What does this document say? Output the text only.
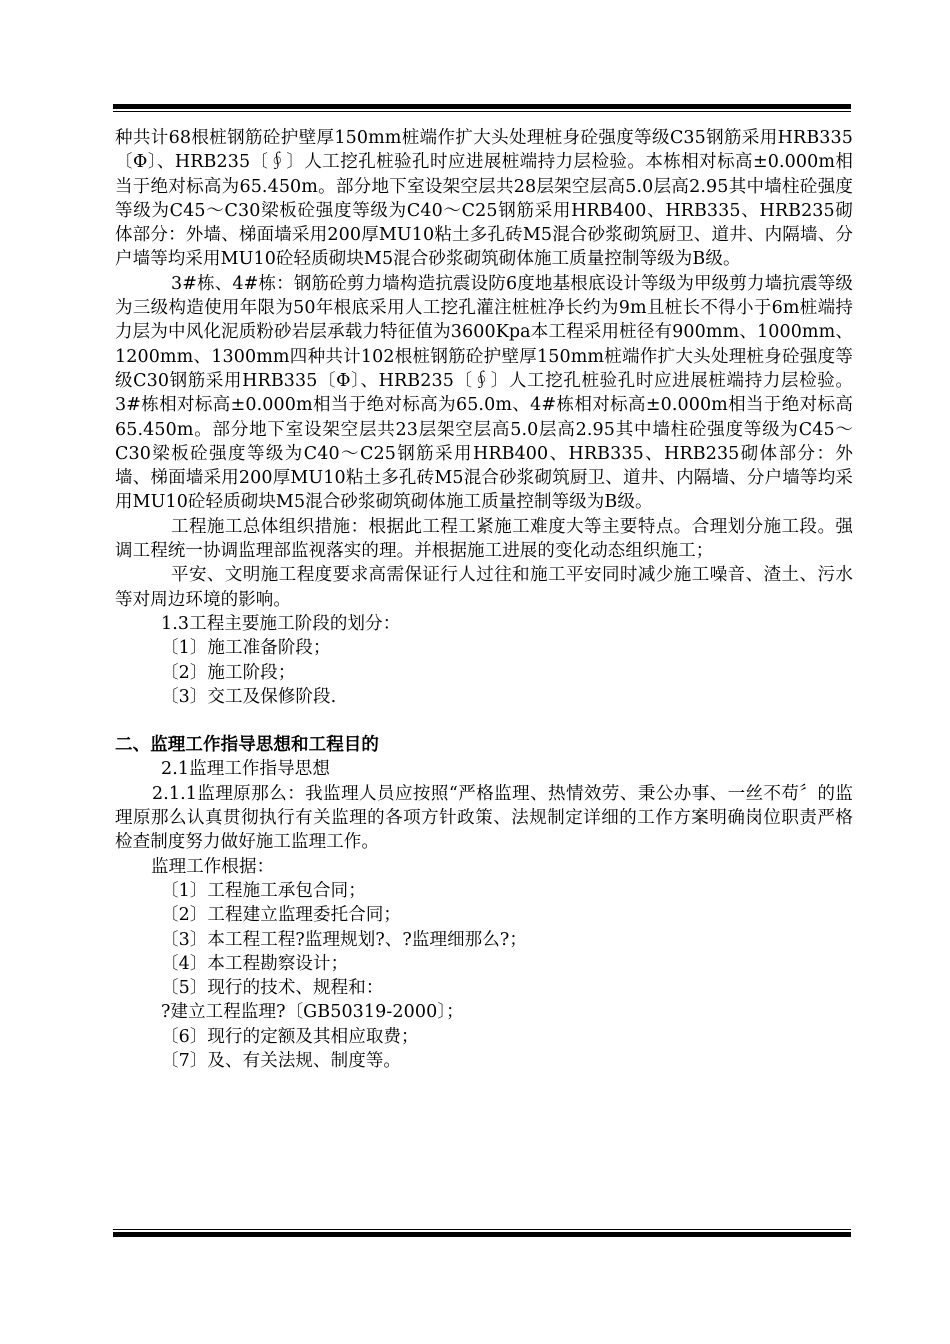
种共计68根桩钢筋砼护壁厚150mm桩端作扩大头处理桩身砼强度等级C35钢筋采用HRB335〔Φ〕、HRB235〔∮〕人工挖孔桩验孔时应进展桩端持力层检验。本栋相对标高±0.000m相当于绝对标高为65.450m。部分地下室设架空层共28层架空层高5.0层高2.95其中墙柱砼强度等级为C45～C30梁板砼强度等级为C40～C25钢筋采用HRB400、HRB335、HRB235砌体部分：外墙、梯面墙采用200厚MU10粘土多孔砖M5混合砂浆砌筑厨卫、道井、内隔墙、分户墙等均采用MU10砼轻质砌块M5混合砂浆砌筑砌体施工质量控制等级为B级。

3#栋、4#栋：钢筋砼剪力墙构造抗震设防6度地基根底设计等级为甲级剪力墙抗震等级为三级构造使用年限为50年根底采用人工挖孔灌注桩桩净长约为9m且桩长不得小于6m桩端持力层为中风化泥质粉砂岩层承载力特征值为3600Kpa本工程采用桩径有900mm、1000mm、1200mm、1300mm四种共计102根桩钢筋砼护壁厚150mm桩端作扩大头处理桩身砼强度等级C30钢筋采用HRB335〔Φ〕、HRB235〔∮〕人工挖孔桩验孔时应进展桩端持力层检验。3#栋相对标高±0.000m相当于绝对标高为65.0m、4#栋相对标高±0.000m相当于绝对标高65.450m。部分地下室设架空层共23层架空层高5.0层高2.95其中墙柱砼强度等级为C45～C30梁板砼强度等级为C40～C25钢筋采用HRB400、HRB335、HRB235砌体部分：外墙、梯面墙采用200厚MU10粘土多孔砖M5混合砂浆砌筑厨卫、道井、内隔墙、分户墙等均采用MU10砼轻质砌块M5混合砂浆砌筑砌体施工质量控制等级为B级。

工程施工总体组织措施：根据此工程工紧施工难度大等主要特点。合理划分施工段。强调工程统一协调监理部监视落实的理。并根据施工进展的变化动态组织施工；

平安、文明施工程度要求高需保证行人过往和施工平安同时减少施工噪音、渣土、污水等对周边环境的影响。

1.3工程主要施工阶段的划分：

〔1〕施工准备阶段；

〔2〕施工阶段；

〔3〕交工及保修阶段.

二、监理工作指导思想和工程目的

2.1监理工作指导思想

2.1.1监理原那么：我监理人员应按照“严格监理、热情效劳、秉公办事、一丝不苟〞的监理原那么认真贯彻执行有关监理的各项方针政策、法规制定详细的工作方案明确岗位职责严格检查制度努力做好施工监理工作。

监理工作根据：

〔1〕工程施工承包合同；

〔2〕工程建立监理委托合同；

〔3〕本工程工程?监理规划?、?监理细那么?；

〔4〕本工程勘察设计；

〔5〕现行的技术、规程和：

?建立工程监理?〔GB50319-2000〕；

〔6〕现行的定额及其相应取费；

〔7〕及、有关法规、制度等。
